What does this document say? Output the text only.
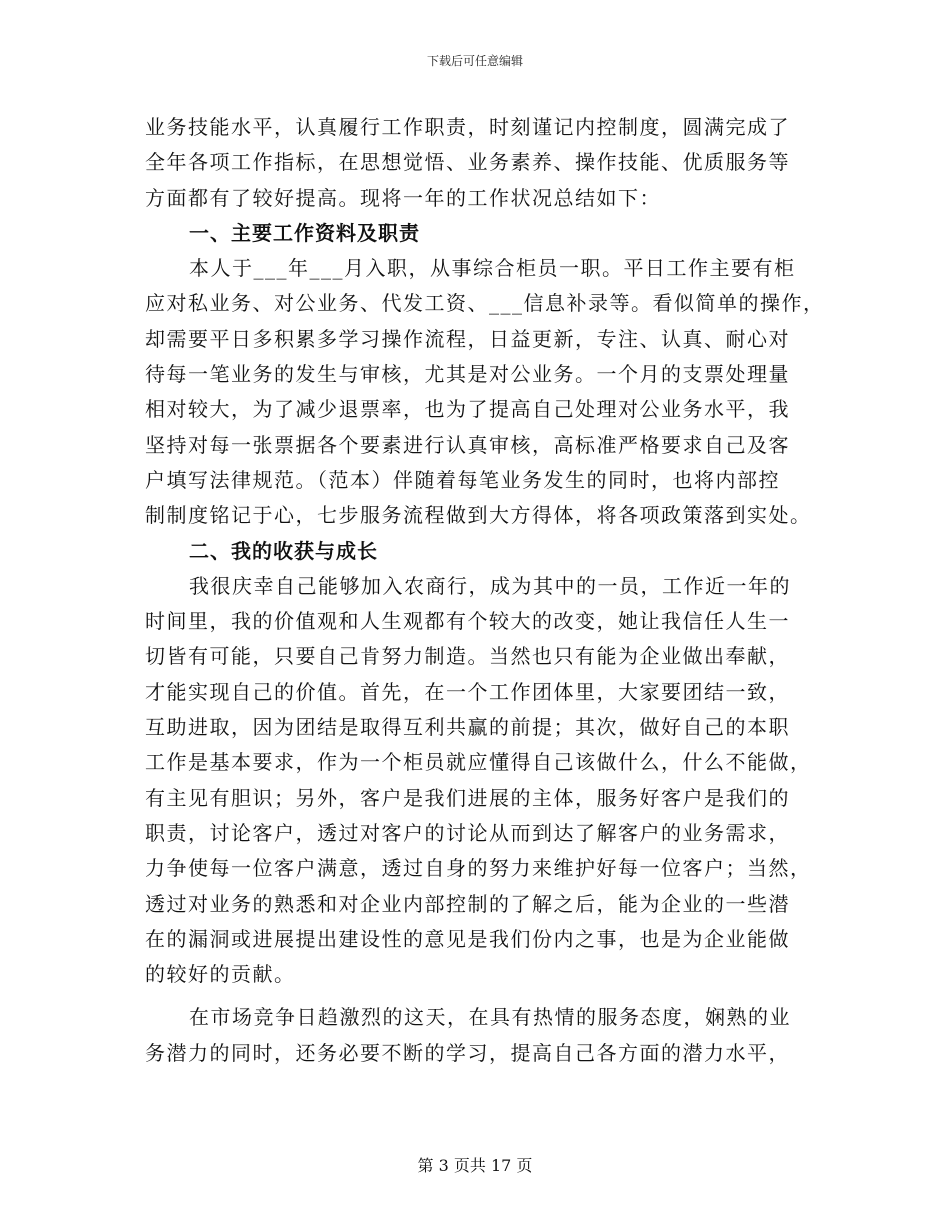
下载后可任意编辑
业务技能水平，认真履行工作职责，时刻谨记内控制度，圆满完成了
全年各项工作指标，在思想觉悟、业务素养、操作技能、优质服务等
方面都有了较好提高。现将一年的工作状况总结如下：
一、主要工作资料及职责
本人于___年___月入职，从事综合柜员一职。平日工作主要有柜
应对私业务、对公业务、代发工资、___信息补录等。看似简单的操作，
却需要平日多积累多学习操作流程，日益更新，专注、认真、耐心对
待每一笔业务的发生与审核，尤其是对公业务。一个月的支票处理量
相对较大，为了减少退票率，也为了提高自己处理对公业务水平，我
坚持对每一张票据各个要素进行认真审核，高标准严格要求自己及客
户填写法律规范。（范本）伴随着每笔业务发生的同时，也将内部控
制制度铭记于心，七步服务流程做到大方得体，将各项政策落到实处。
二、我的收获与成长
我很庆幸自己能够加入农商行，成为其中的一员，工作近一年的
时间里，我的价值观和人生观都有个较大的改变，她让我信任人生一
切皆有可能，只要自己肯努力制造。当然也只有能为企业做出奉献，
才能实现自己的价值。首先，在一个工作团体里，大家要团结一致，
互助进取，因为团结是取得互利共赢的前提；其次，做好自己的本职
工作是基本要求，作为一个柜员就应懂得自己该做什么，什么不能做，
有主见有胆识；另外，客户是我们进展的主体，服务好客户是我们的
职责，讨论客户，透过对客户的讨论从而到达了解客户的业务需求，
力争使每一位客户满意，透过自身的努力来维护好每一位客户；当然，
透过对业务的熟悉和对企业内部控制的了解之后，能为企业的一些潜
在的漏洞或进展提出建设性的意见是我们份内之事，也是为企业能做
的较好的贡献。
在市场竞争日趋激烈的这天，在具有热情的服务态度，娴熟的业
务潜力的同时，还务必要不断的学习，提高自己各方面的潜力水平，
第 3 页共 17 页
